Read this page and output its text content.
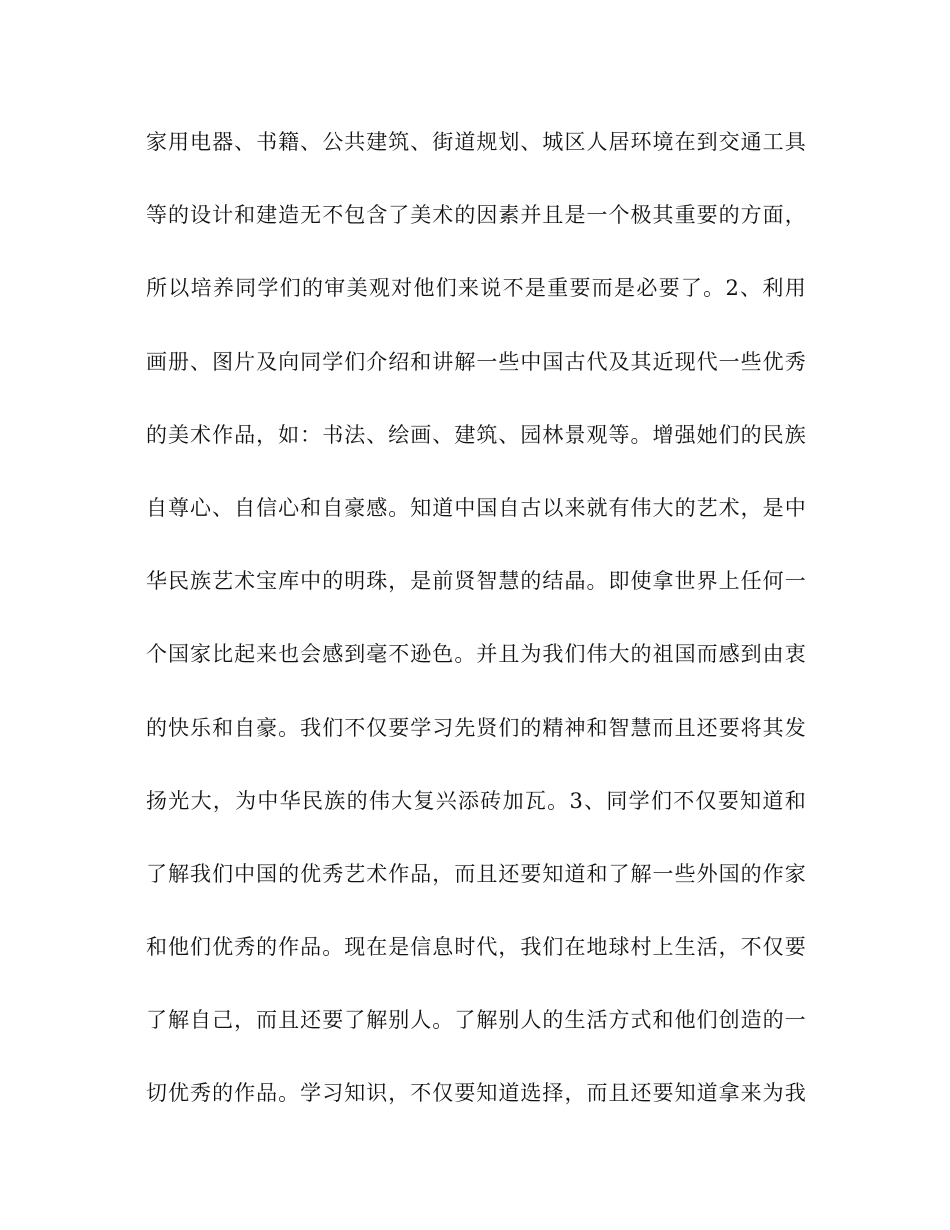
家用电器、书籍、公共建筑、街道规划、城区人居环境在到交通工具
等的设计和建造无不包含了美术的因素并且是一个极其重要的方面，
所以培养同学们的审美观对他们来说不是重要而是必要了。2、利用
画册、图片及向同学们介绍和讲解一些中国古代及其近现代一些优秀
的美术作品，如：书法、绘画、建筑、园林景观等。增强她们的民族
自尊心、自信心和自豪感。知道中国自古以来就有伟大的艺术，是中
华民族艺术宝库中的明珠，是前贤智慧的结晶。即使拿世界上任何一
个国家比起来也会感到毫不逊色。并且为我们伟大的祖国而感到由衷
的快乐和自豪。我们不仅要学习先贤们的精神和智慧而且还要将其发
扬光大，为中华民族的伟大复兴添砖加瓦。3、同学们不仅要知道和
了解我们中国的优秀艺术作品，而且还要知道和了解一些外国的作家
和他们优秀的作品。现在是信息时代，我们在地球村上生活，不仅要
了解自己，而且还要了解别人。了解别人的生活方式和他们创造的一
切优秀的作品。学习知识，不仅要知道选择，而且还要知道拿来为我
